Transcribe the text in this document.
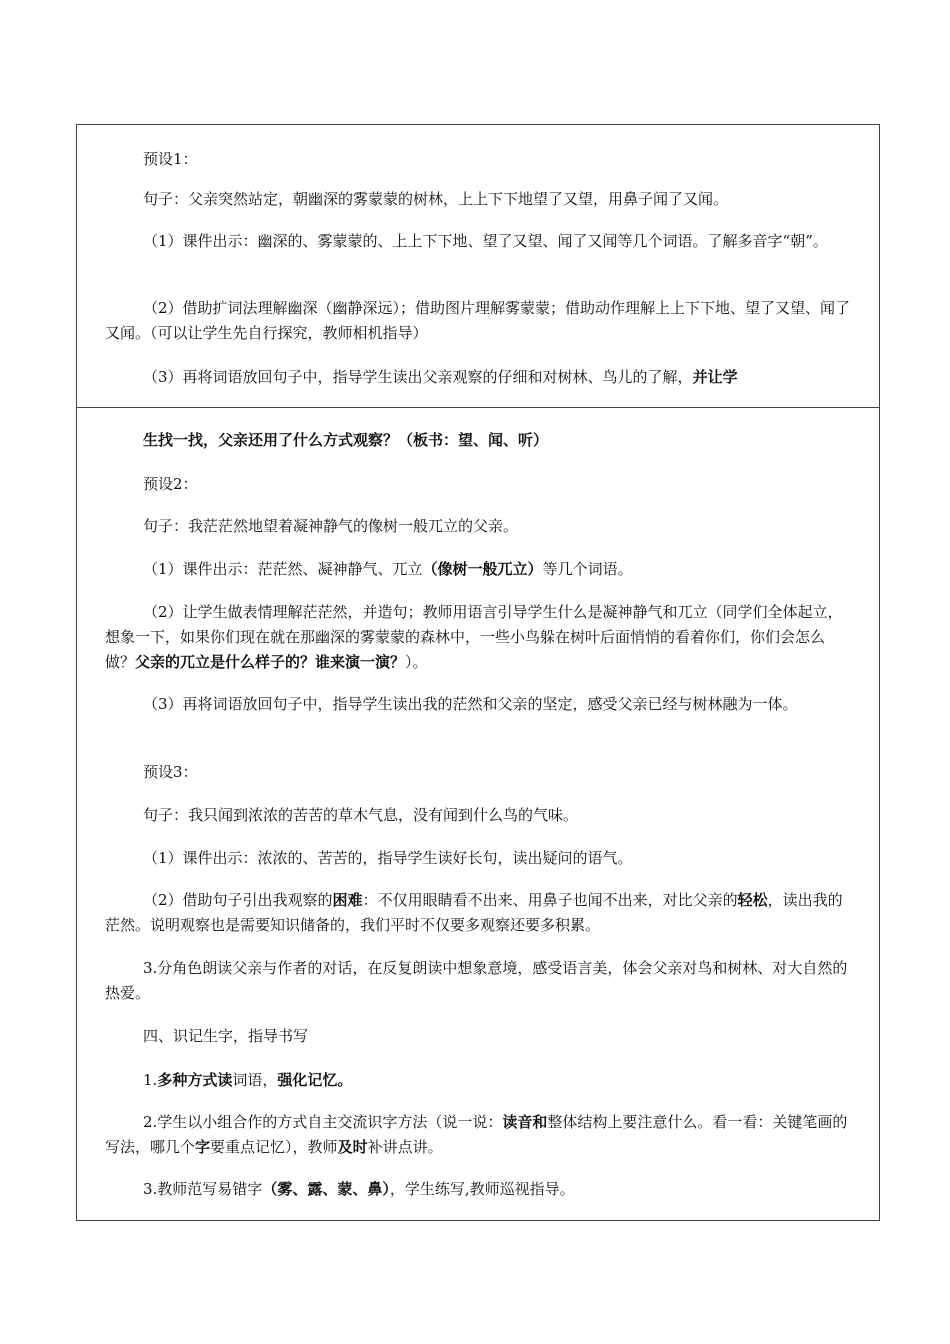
预设1：

句子：父亲突然站定，朝幽深的雾蒙蒙的树林，上上下下地望了又望，用鼻子闻了又闻。

（1）课件出示：幽深的、雾蒙蒙的、上上下下地、望了又望、闻了又闻等几个词语。了解多音字“朝”。

（2）借助扩词法理解幽深（幽静深远）；借助图片理解雾蒙蒙；借助动作理解上上下下地、望了又望、闻了又闻。（可以让学生先自行探究，教师相机指导）

（3）再将词语放回句子中，指导学生读出父亲观察的仔细和对树林、鸟儿的了解，并让学

生找一找，父亲还用了什么方式观察？（板书：望、闻、听）

预设2：

句子：我茫茫然地望着凝神静气的像树一般兀立的父亲。

（1）课件出示：茫茫然、凝神静气、兀立（像树一般兀立）等几个词语。

（2）让学生做表情理解茫茫然，并造句；教师用语言引导学生什么是凝神静气和兀立（同学们全体起立，想象一下，如果你们现在就在那幽深的雾蒙蒙的森林中，一些小鸟躲在树叶后面悄悄的看着你们，你们会怎么做？父亲的兀立是什么样子的？谁来演一演？）。

（3）再将词语放回句子中，指导学生读出我的茫然和父亲的坚定，感受父亲已经与树林融为一体。

预设3：

句子：我只闻到浓浓的苦苦的草木气息，没有闻到什么鸟的气味。

（1）课件出示：浓浓的、苦苦的，指导学生读好长句，读出疑问的语气。

（2）借助句子引出我观察的困难：不仅用眼睛看不出来、用鼻子也闻不出来，对比父亲的轻松，读出我的茫然。说明观察也是需要知识储备的，我们平时不仅要多观察还要多积累。

3.分角色朗读父亲与作者的对话，在反复朗读中想象意境，感受语言美，体会父亲对鸟和树林、对大自然的热爱。

四、识记生字，指导书写

1.多种方式读词语，强化记忆。

2.学生以小组合作的方式自主交流识字方法（说一说：读音和整体结构上要注意什么。看一看：关键笔画的写法，哪几个字要重点记忆），教师及时补讲点讲。

3.教师范写易错字（雾、露、蒙、鼻），学生练写,教师巡视指导。
